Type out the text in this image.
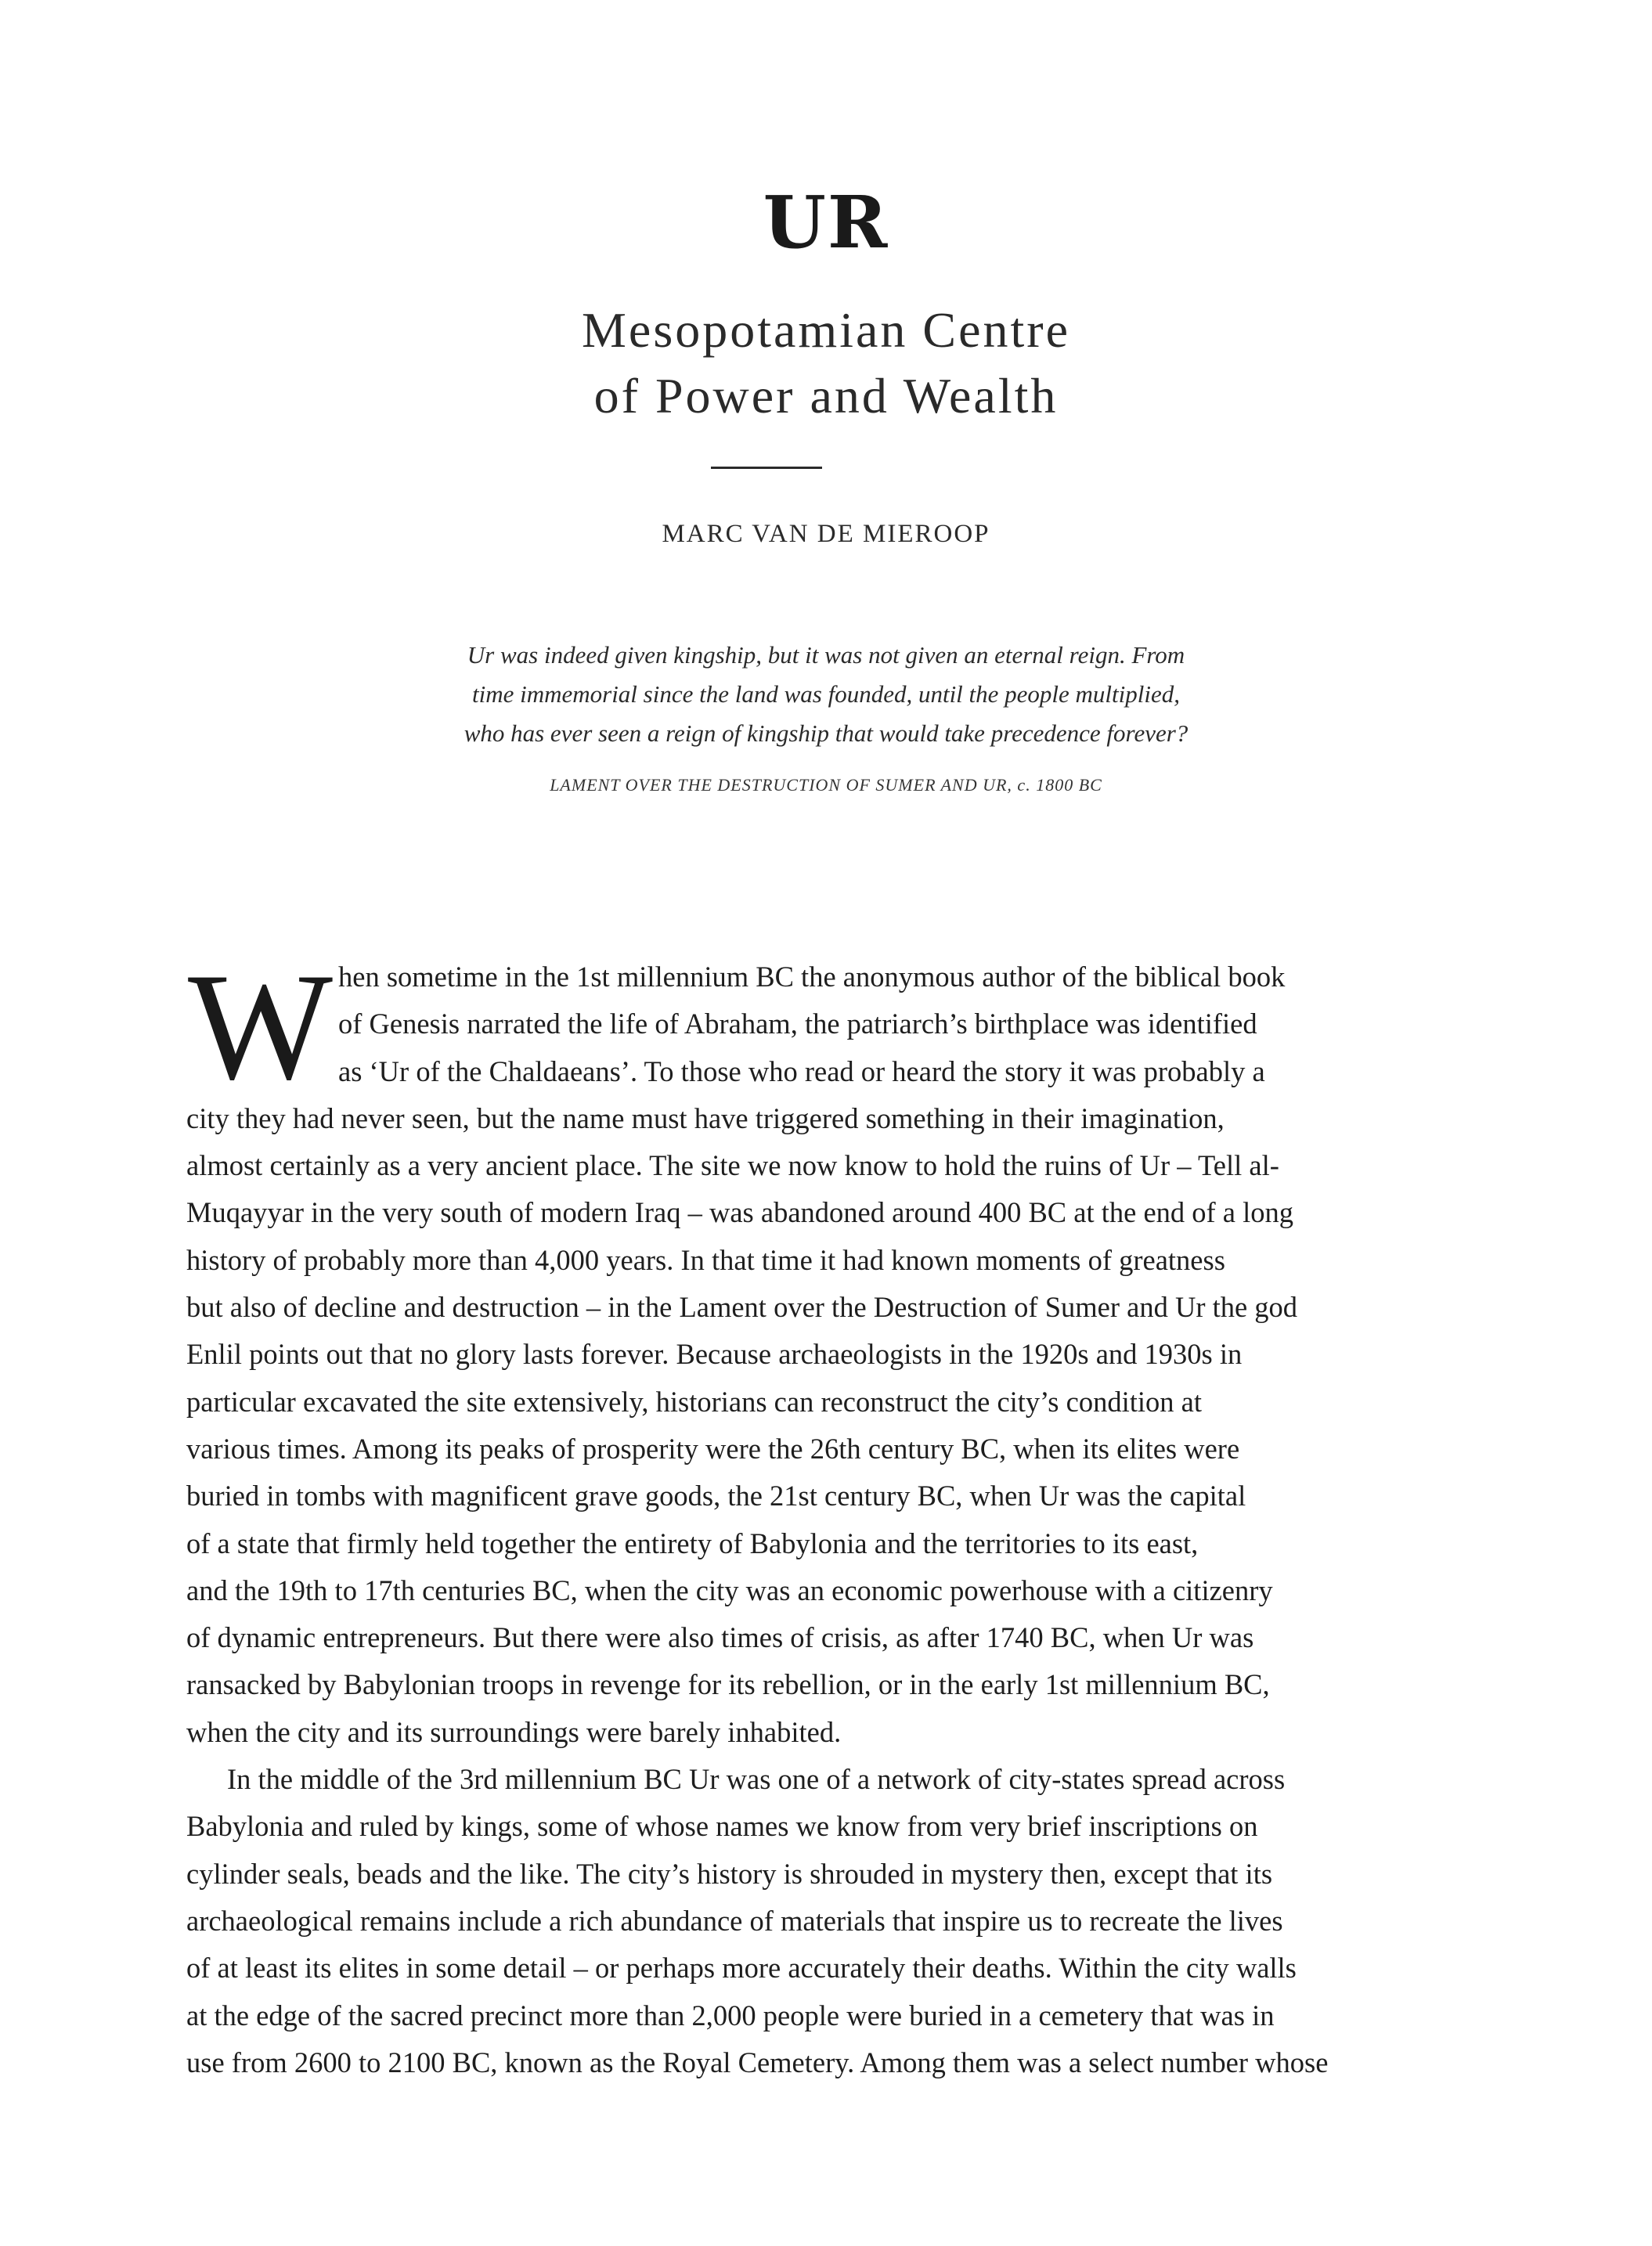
UR
Mesopotamian Centre
of Power and Wealth
MARC VAN DE MIEROOP
Ur was indeed given kingship, but it was not given an eternal reign. From
time immemorial since the land was founded, until the people multiplied,
who has ever seen a reign of kingship that would take precedence forever?
LAMENT OVER THE DESTRUCTION OF SUMER AND UR, c. 1800 BC
W hen sometime in the 1st millennium BC the anonymous author of the biblical book
of Genesis narrated the life of Abraham, the patriarch’s birthplace was identified
as ‘Ur of the Chaldaeans’. To those who read or heard the story it was probably a
city they had never seen, but the name must have triggered something in their imagination,
almost certainly as a very ancient place. The site we now know to hold the ruins of Ur – Tell al-
Muqayyar in the very south of modern Iraq – was abandoned around 400 BC at the end of a long
history of probably more than 4,000 years. In that time it had known moments of greatness
but also of decline and destruction – in the Lament over the Destruction of Sumer and Ur the god
Enlil points out that no glory lasts forever. Because archaeologists in the 1920s and 1930s in
particular excavated the site extensively, historians can reconstruct the city’s condition at
various times. Among its peaks of prosperity were the 26th century BC, when its elites were
buried in tombs with magnificent grave goods, the 21st century BC, when Ur was the capital
of a state that firmly held together the entirety of Babylonia and the territories to its east,
and the 19th to 17th centuries BC, when the city was an economic powerhouse with a citizenry
of dynamic entrepreneurs. But there were also times of crisis, as after 1740 BC, when Ur was
ransacked by Babylonian troops in revenge for its rebellion, or in the early 1st millennium BC,
when the city and its surroundings were barely inhabited.
In the middle of the 3rd millennium BC Ur was one of a network of city-states spread across
Babylonia and ruled by kings, some of whose names we know from very brief inscriptions on
cylinder seals, beads and the like. The city’s history is shrouded in mystery then, except that its
archaeological remains include a rich abundance of materials that inspire us to recreate the lives
of at least its elites in some detail – or perhaps more accurately their deaths. Within the city walls
at the edge of the sacred precinct more than 2,000 people were buried in a cemetery that was in
use from 2600 to 2100 BC, known as the Royal Cemetery. Among them was a select number whose
